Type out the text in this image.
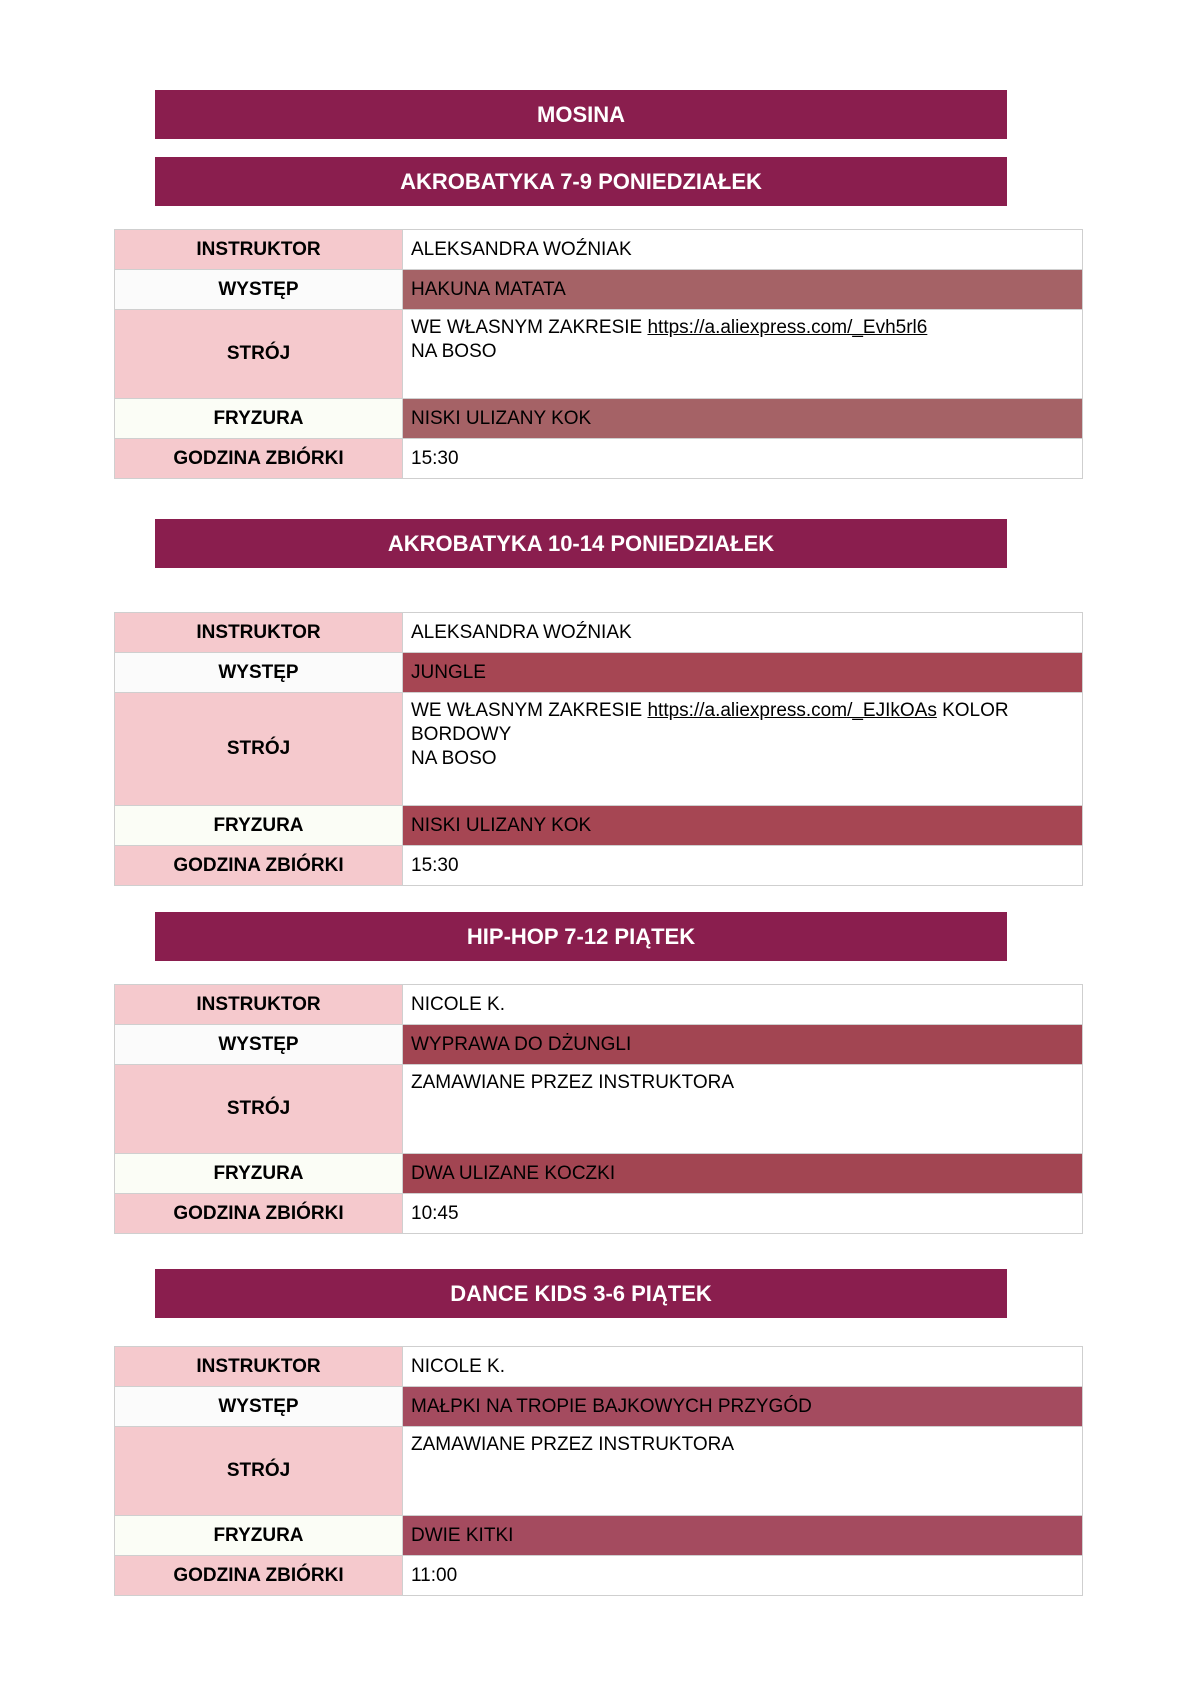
MOSINA
AKROBATYKA 7-9 PONIEDZIAŁEK
INSTRUKTOR	ALEKSANDRA WOŹNIAK
WYSTĘP	HAKUNA MATATA
STRÓJ	WE WŁASNYM ZAKRESIE https://a.aliexpress.com/_Evh5rl6
NA BOSO

FRYZURA	NISKI ULIZANY KOK
GODZINA ZBIÓRKI	15:30
AKROBATYKA 10-14 PONIEDZIAŁEK
INSTRUKTOR	ALEKSANDRA WOŹNIAK
WYSTĘP	JUNGLE
STRÓJ	WE WŁASNYM ZAKRESIE https://a.aliexpress.com/_EJIkOAs KOLOR
BORDOWY
NA BOSO

FRYZURA	NISKI ULIZANY KOK
GODZINA ZBIÓRKI	15:30
HIP-HOP 7-12 PIĄTEK
INSTRUKTOR	NICOLE K.
WYSTĘP	WYPRAWA DO DŻUNGLI
STRÓJ	ZAMAWIANE PRZEZ INSTRUKTORA
FRYZURA	DWA ULIZANE KOCZKI
GODZINA ZBIÓRKI	10:45
DANCE KIDS 3-6 PIĄTEK
INSTRUKTOR	NICOLE K.
WYSTĘP	MAŁPKI NA TROPIE BAJKOWYCH PRZYGÓD
STRÓJ	ZAMAWIANE PRZEZ INSTRUKTORA
FRYZURA	DWIE KITKI
GODZINA ZBIÓRKI	11:00
